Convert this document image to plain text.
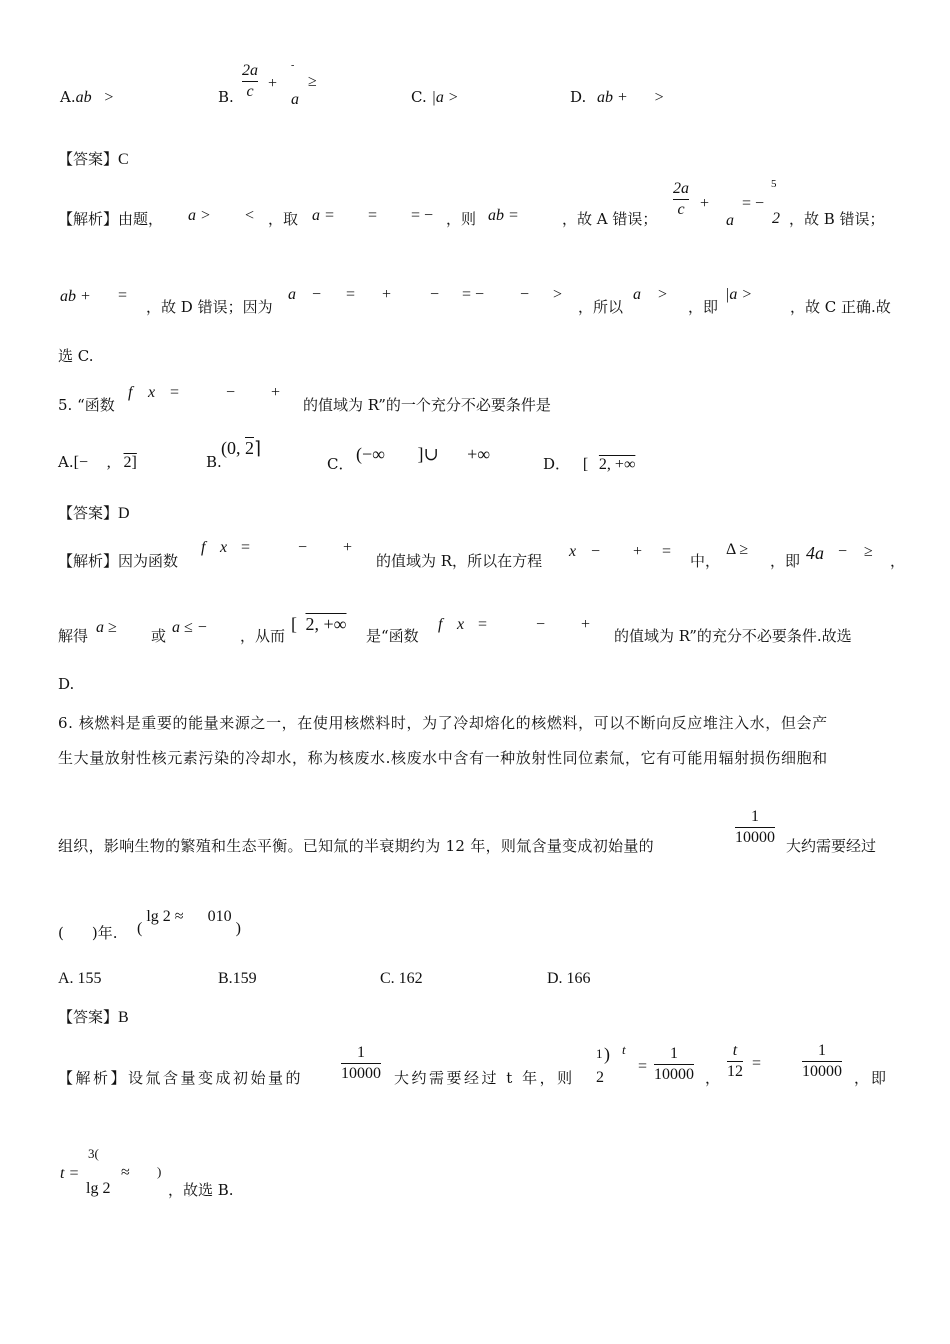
A.ab >	B.
2a
c +
-
≥
a	C. |a >	D. ab + >
【答案】C
【解析】由题， a > < ，取 a = = = − ，则 ab =	，故 A 错误；
2a
c +
a
= −
5
2 ，故 B 错误；
ab + =
，故 D 错误；因为
a − = + − = − − >
，所以
a >
，即
|a >
，故 C 正确.故
选 C.
5. “函数
f x =	− +
的值域为 R”的一个充分不必要条件是
A.[− , 2]	B.
(0, 2⌉
C． (−∞ ]∪ +∞	D． [ 2, +∞
【答案】D
【解析】因为函数
f x =	− +
的值域为 R，所以在方程
x − + =
中，
Δ ≥
，即 4a − ≥
，
解得 a ≥ 或 a ≤ − ，从而
[ 2, +∞
是“函数
f x =	− +
的值域为 R”的充分不必要条件.故选
D.
6. 核燃料是重要的能量来源之一，在使用核燃料时，为了冷却熔化的核燃料，可以不断向反应堆注入水，但会产
生大量放射性核元素污染的冷却水，称为核废水.核废水中含有一种放射性同位素氚，它有可能用辐射损伤细胞和
组织，影响生物的繁殖和生态平衡。已知氚的半衰期约为 12 年，则氚含量变成初始量的
1
10000 大约需要经过
( )年. ( lg 2 ≈ 010 )
A. 155	B.159	C. 162	D. 166
【答案】B
【解析】设氚含量变成初始量的
1
10000 大约需要经过 t 年，则
1 ) t
2
=
1
10000 ，
t
12 =
1
10000 ，即
t =
3(
lg 2
≈ )
，故选 B.
